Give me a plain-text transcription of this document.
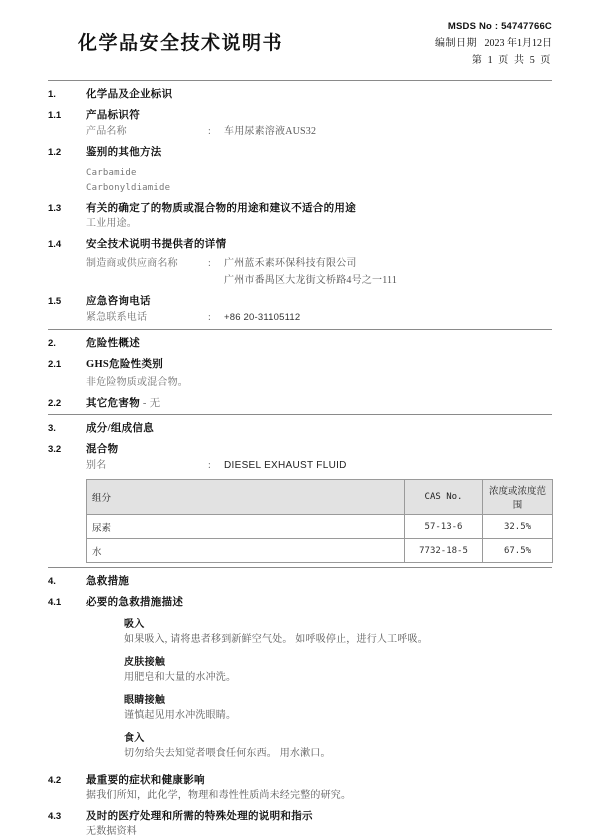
化学品安全技术说明书
MSDS No : 54747766C
编制日期 2023 年1月12日
第 1 页 共 5 页
1.	化学品及企业标识
1.1	产品标识符
产品名称	:	车用尿素溶液AUS32
1.2	鉴别的其他方法
Carbamide
Carbonyldiamide
1.3	有关的确定了的物质或混合物的用途和建议不适合的用途
工业用途。
1.4	安全技术说明书提供者的详情
制造商或供应商名称	:	广州蓝禾素环保科技有限公司
广州市番禺区大龙街文桥路4号之一111
1.5	应急咨询电话
紧急联系电话	:	+86 20-31105112
2.	危险性概述
2.1	GHS危险性类别
非危险物质或混合物。
2.2	其它危害物 - 无
3.	成分/组成信息
3.2	混合物
别名	:	DIESEL EXHAUST FLUID
组分	CAS No.	浓度或浓度范围
尿素	57-13-6	32.5%
水	7732-18-5	67.5%
4.	急救措施
4.1	必要的急救措施描述
吸入
如果吸入, 请将患者移到新鲜空气处。 如呼吸停止，进行人工呼吸。
皮肤接触
用肥皂和大量的水冲洗。
眼睛接触
谨慎起见用水冲洗眼睛。
食入
切勿给失去知觉者喂食任何东西。 用水漱口。
4.2	最重要的症状和健康影响
据我们所知，此化学，物理和毒性性质尚未经完整的研究。
4.3	及时的医疗处理和所需的特殊处理的说明和指示
无数据资料
